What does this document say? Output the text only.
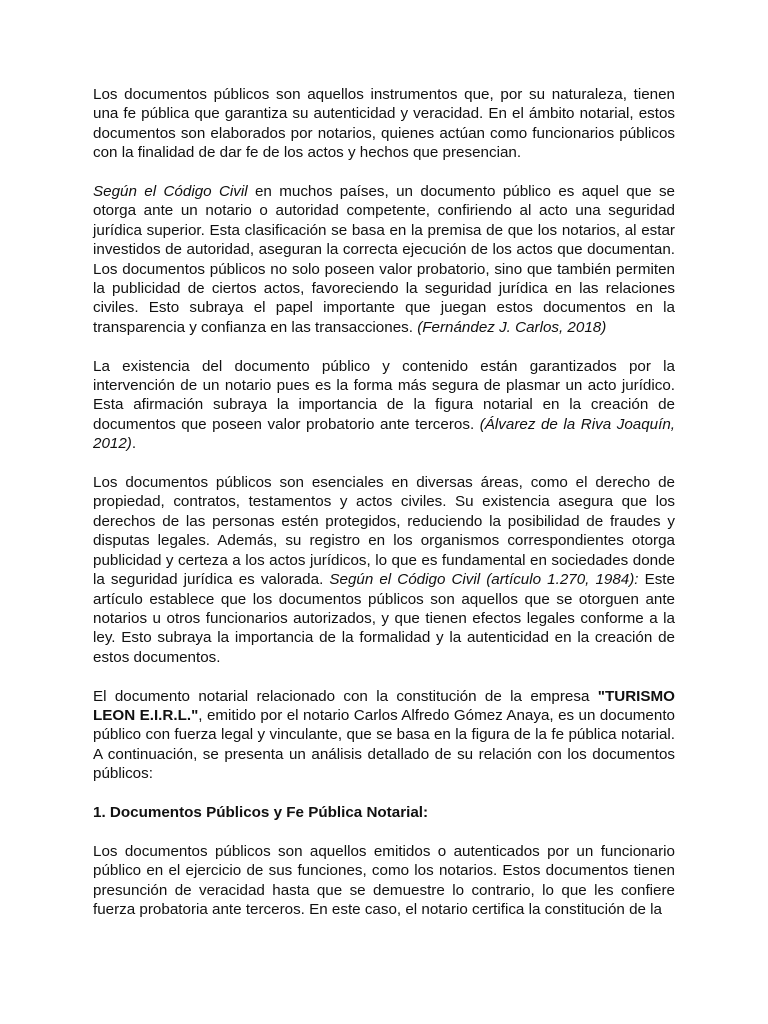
Los documentos públicos son aquellos instrumentos que, por su naturaleza, tienen una fe pública que garantiza su autenticidad y veracidad. En el ámbito notarial, estos documentos son elaborados por notarios, quienes actúan como funcionarios públicos con la finalidad de dar fe de los actos y hechos que presencian.

Según el Código Civil en muchos países, un documento público es aquel que se otorga ante un notario o autoridad competente, confiriendo al acto una seguridad jurídica superior. Esta clasificación se basa en la premisa de que los notarios, al estar investidos de autoridad, aseguran la correcta ejecución de los actos que documentan. Los documentos públicos no solo poseen valor probatorio, sino que también permiten la publicidad de ciertos actos, favoreciendo la seguridad jurídica en las relaciones civiles. Esto subraya el papel importante que juegan estos documentos en la transparencia y confianza en las transacciones. (Fernández J. Carlos, 2018)

La existencia del documento público y contenido están garantizados por la intervención de un notario pues es la forma más segura de plasmar un acto jurídico. Esta afirmación subraya la importancia de la figura notarial en la creación de documentos que poseen valor probatorio ante terceros. (Álvarez de la Riva Joaquín, 2012).

Los documentos públicos son esenciales en diversas áreas, como el derecho de propiedad, contratos, testamentos y actos civiles. Su existencia asegura que los derechos de las personas estén protegidos, reduciendo la posibilidad de fraudes y disputas legales. Además, su registro en los organismos correspondientes otorga publicidad y certeza a los actos jurídicos, lo que es fundamental en sociedades donde la seguridad jurídica es valorada. Según el Código Civil (artículo 1.270, 1984): Este artículo establece que los documentos públicos son aquellos que se otorguen ante notarios u otros funcionarios autorizados, y que tienen efectos legales conforme a la ley. Esto subraya la importancia de la formalidad y la autenticidad en la creación de estos documentos.

El documento notarial relacionado con la constitución de la empresa "TURISMO LEON E.I.R.L.", emitido por el notario Carlos Alfredo Gómez Anaya, es un documento público con fuerza legal y vinculante, que se basa en la figura de la fe pública notarial. A continuación, se presenta un análisis detallado de su relación con los documentos públicos:

1. Documentos Públicos y Fe Pública Notarial:

Los documentos públicos son aquellos emitidos o autenticados por un funcionario público en el ejercicio de sus funciones, como los notarios. Estos documentos tienen presunción de veracidad hasta que se demuestre lo contrario, lo que les confiere fuerza probatoria ante terceros. En este caso, el notario certifica la constitución de la
